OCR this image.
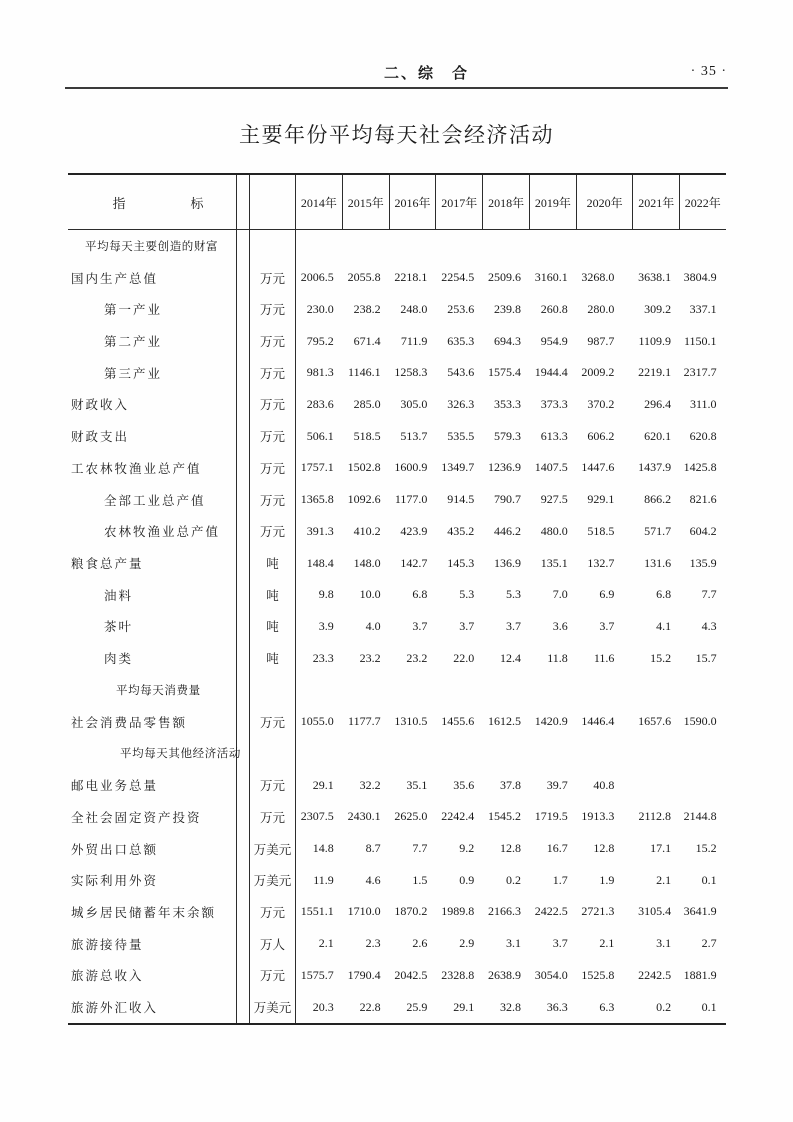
二、综　合	· 35 ·
主要年份平均每天社会经济活动
指　　　　　标	2014年 2015年 2016年 2017年 2018年 2019年	2020年	2021年 2022年
平均每天主要创造的财富
国内生产总值	万元	2006.5	2055.8	2218.1	2254.5	2509.6	3160.1	3268.0	3638.1	3804.9
第一产业	万元	230.0	238.2	248.0	253.6	239.8	260.8	280.0	309.2	337.1
第二产业	万元	795.2	671.4	711.9	635.3	694.3	954.9	987.7	1109.9	1150.1
第三产业	万元	981.3	1146.1	1258.3	543.6	1575.4	1944.4	2009.2	2219.1	2317.7
财政收入	万元	283.6	285.0	305.0	326.3	353.3	373.3	370.2	296.4	311.0
财政支出	万元	506.1	518.5	513.7	535.5	579.3	613.3	606.2	620.1	620.8
工农林牧渔业总产值	万元	1757.1	1502.8	1600.9	1349.7	1236.9	1407.5	1447.6	1437.9	1425.8
全部工业总产值	万元	1365.8	1092.6	1177.0	914.5	790.7	927.5	929.1	866.2	821.6
农林牧渔业总产值	万元	391.3	410.2	423.9	435.2	446.2	480.0	518.5	571.7	604.2
粮食总产量	吨	148.4	148.0	142.7	145.3	136.9	135.1	132.7	131.6	135.9
油料	吨	9.8	10.0	6.8	5.3	5.3	7.0	6.9	6.8	7.7
茶叶	吨	3.9	4.0	3.7	3.7	3.7	3.6	3.7	4.1	4.3
肉类	吨	23.3	23.2	23.2	22.0	12.4	11.8	11.6	15.2	15.7
平均每天消费量
社会消费品零售额	万元	1055.0	1177.7	1310.5	1455.6	1612.5	1420.9	1446.4	1657.6	1590.0
平均每天其他经济活动
邮电业务总量	万元	29.1	32.2	35.1	35.6	37.8	39.7	40.8
全社会固定资产投资	万元	2307.5	2430.1	2625.0	2242.4	1545.2	1719.5	1913.3	2112.8	2144.8
外贸出口总额	万美元	14.8	8.7	7.7	9.2	12.8	16.7	12.8	17.1	15.2
实际利用外资	万美元	11.9	4.6	1.5	0.9	0.2	1.7	1.9	2.1	0.1
城乡居民储蓄年末余额	万元	1551.1	1710.0	1870.2	1989.8	2166.3	2422.5	2721.3	3105.4	3641.9
旅游接待量	万人	2.1	2.3	2.6	2.9	3.1	3.7	2.1	3.1	2.7
旅游总收入	万元	1575.7	1790.4	2042.5	2328.8	2638.9	3054.0	1525.8	2242.5	1881.9
旅游外汇收入	万美元	20.3	22.8	25.9	29.1	32.8	36.3	6.3	0.2	0.1
